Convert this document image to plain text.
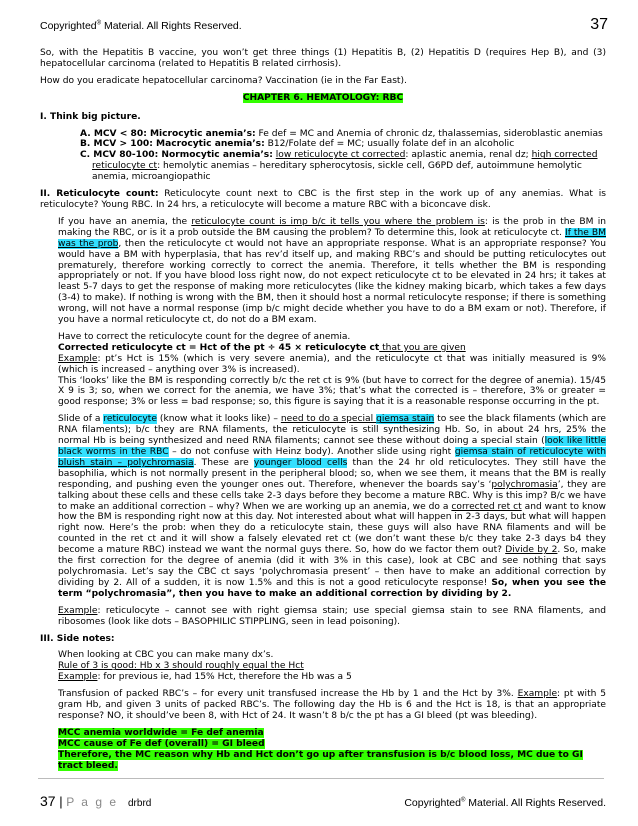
Copyrighted® Material. All Rights Reserved.	37

So, with the Hepatitis B vaccine, you won’t get three things (1) Hepatitis B, (2) Hepatitis D (requires Hep B), and (3) hepatocellular carcinoma (related to Hepatitis B related cirrhosis).

How do you eradicate hepatocellular carcinoma? Vaccination (ie in the Far East).

CHAPTER 6. HEMATOLOGY: RBC

I. Think big picture.

A. MCV < 80: Microcytic anemia’s: Fe def = MC and Anemia of chronic dz, thalassemias, sideroblastic anemias
B. MCV > 100: Macrocytic anemia’s: B12/Folate def = MC; usually folate def in an alcoholic
C. MCV 80-100: Normocytic anemia’s: low reticulocyte ct corrected: aplastic anemia, renal dz; high corrected reticulocyte ct: hemolytic anemias – hereditary spherocytosis, sickle cell, G6PD def, autoimmune hemolytic anemia, microangiopathic

II. Reticulocyte count: Reticulocyte count next to CBC is the first step in the work up of any anemias. What is reticulocyte? Young RBC. In 24 hrs, a reticulocyte will become a mature RBC with a biconcave disk.

If you have an anemia, the reticulocyte count is imp b/c it tells you where the problem is: is the prob in the BM in making the RBC, or is it a prob outside the BM causing the problem? To determine this, look at reticulocyte ct. If the BM was the prob, then the reticulocyte ct would not have an appropriate response. What is an appropriate response? You would have a BM with hyperplasia, that has rev’d itself up, and making RBC’s and should be putting reticulocytes out prematurely, therefore working correctly to correct the anemia. Therefore, it tells whether the BM is responding appropriately or not. If you have blood loss right now, do not expect reticulocyte ct to be elevated in 24 hrs; it takes at least 5-7 days to get the response of making more reticulocytes (like the kidney making bicarb, which takes a few days (3-4) to make). If nothing is wrong with the BM, then it should host a normal reticulocyte response; if there is something wrong, will not have a normal response (imp b/c might decide whether you have to do a BM exam or not). Therefore, if you have a normal reticulocyte ct, do not do a BM exam.

Have to correct the reticulocyte count for the degree of anemia.
Corrected reticulocyte ct = Hct of the pt ÷ 45 × reticulocyte ct that you are given
Example: pt’s Hct is 15% (which is very severe anemia), and the reticulocyte ct that was initially measured is 9% (which is increased – anything over 3% is increased).
This ‘looks’ like the BM is responding correctly b/c the ret ct is 9% (but have to correct for the degree of anemia). 15/45 X 9 is 3; so, when we correct for the anemia, we have 3%; that’s what the corrected is – therefore, 3% or greater = good response; 3% or less = bad response; so, this figure is saying that it is a reasonable response occurring in the pt.

Slide of a reticulocyte (know what it looks like) – need to do a special giemsa stain to see the black filaments (which are RNA filaments); b/c they are RNA filaments, the reticulocyte is still synthesizing Hb. So, in about 24 hrs, 25% the normal Hb is being synthesized and need RNA filaments; cannot see these without doing a special stain (look like little black worms in the RBC – do not confuse with Heinz body). Another slide using right giemsa stain of reticulocyte with bluish stain – polychromasia. These are younger blood cells than the 24 hr old reticulocytes. They still have the basophilia, which is not normally present in the peripheral blood; so, when we see them, it means that the BM is really responding, and pushing even the younger ones out. Therefore, whenever the boards say’s ‘polychromasia’, they are talking about these cells and these cells take 2-3 days before they become a mature RBC. Why is this imp? B/c we have to make an additional correction – why? When we are working up an anemia, we do a corrected ret ct and want to know how the BM is responding right now at this day. Not interested about what will happen in 2-3 days, but what will happen right now. Here’s the prob: when they do a reticulocyte stain, these guys will also have RNA filaments and will be counted in the ret ct and it will show a falsely elevated ret ct (we don’t want these b/c they take 2-3 days b4 they become a mature RBC) instead we want the normal guys there. So, how do we factor them out? Divide by 2. So, make the first correction for the degree of anemia (did it with 3% in this case), look at CBC and see nothing that says polychromasia. Let’s say the CBC ct says ‘polychromasia present’ – then have to make an additional correction by dividing by 2. All of a sudden, it is now 1.5% and this is not a good reticulocyte response! So, when you see the term “polychromasia”, then you have to make an additional correction by dividing by 2.

Example: reticulocyte – cannot see with right giemsa stain; use special giemsa stain to see RNA filaments, and ribosomes (look like dots – BASOPHILIC STIPPLING, seen in lead poisoning).

III. Side notes:

When looking at CBC you can make many dx’s.
Rule of 3 is good: Hb x 3 should roughly equal the Hct
Example: for previous ie, had 15% Hct, therefore the Hb was a 5

Transfusion of packed RBC’s – for every unit transfused increase the Hb by 1 and the Hct by 3%. Example: pt with 5 gram Hb, and given 3 units of packed RBC’s. The following day the Hb is 6 and the Hct is 18, is that an appropriate response? NO, it should’ve been 8, with Hct of 24. It wasn’t 8 b/c the pt has a GI bleed (pt was bleeding).

MCC anemia worldwide = Fe def anemia
MCC cause of Fe def (overall) = GI bleed
Therefore, the MC reason why Hb and Hct don’t go up after transfusion is b/c blood loss, MC due to GI tract bleed.
37 | P a g e drbrd	Copyrighted® Material. All Rights Reserved.
